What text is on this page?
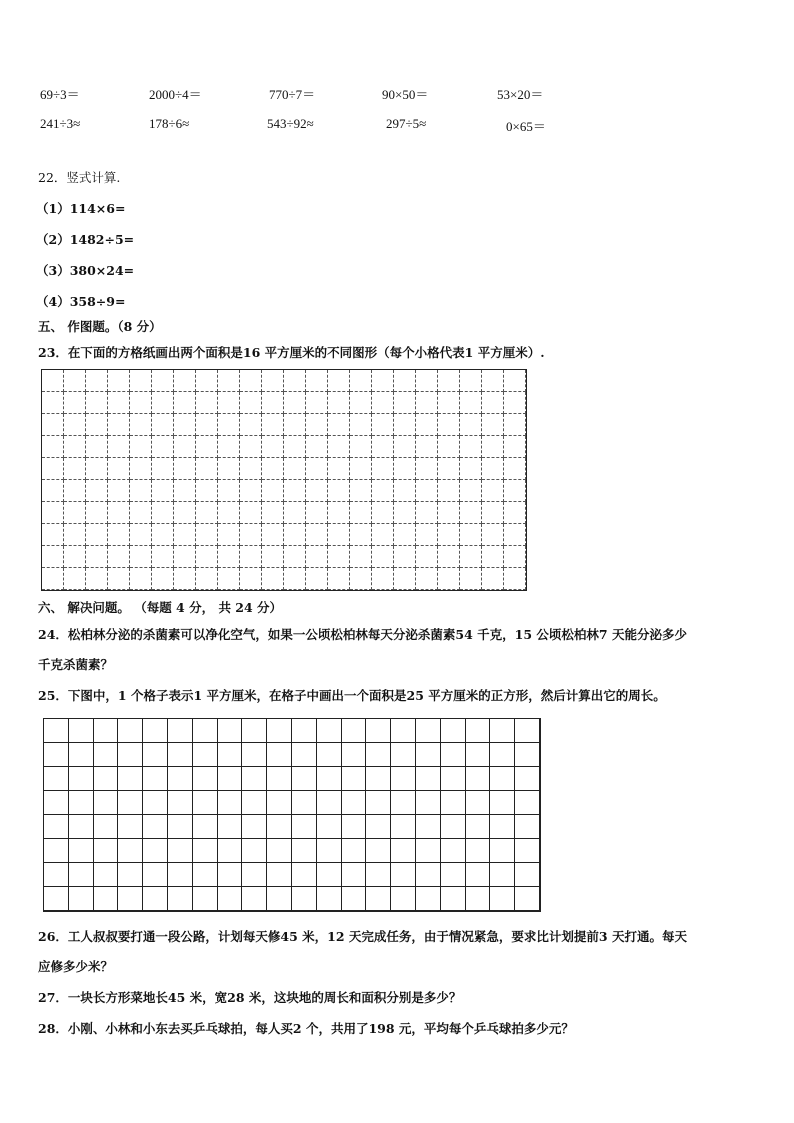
69÷3＝	2000÷4＝	770÷7＝	90×50＝	53×20＝
241÷3≈	178÷6≈	543÷92≈	297÷5≈	0×65＝
22．竖式计算.
（1）114×6=
（2）1482÷5=
（3）380×24=
（4）358÷9=
五、 作图题。（8 分）
23．在下面的方格纸画出两个面积是16 平方厘米的不同图形（每个小格代表1 平方厘米）.
六、 解决问题。 （每题 4 分， 共 24 分）
24．松柏林分泌的杀菌素可以净化空气，如果一公顷松柏林每天分泌杀菌素54 千克，15 公顷松柏林7 天能分泌多少
千克杀菌素？
25．下图中，1 个格子表示1 平方厘米，在格子中画出一个面积是25 平方厘米的正方形，然后计算出它的周长。
26．工人叔叔要打通一段公路，计划每天修45 米，12 天完成任务，由于情况紧急，要求比计划提前3 天打通。每天
应修多少米？
27．一块长方形菜地长45 米，宽28 米，这块地的周长和面积分别是多少？
28．小刚、小林和小东去买乒乓球拍，每人买2 个，共用了198 元，平均每个乒乓球拍多少元？
